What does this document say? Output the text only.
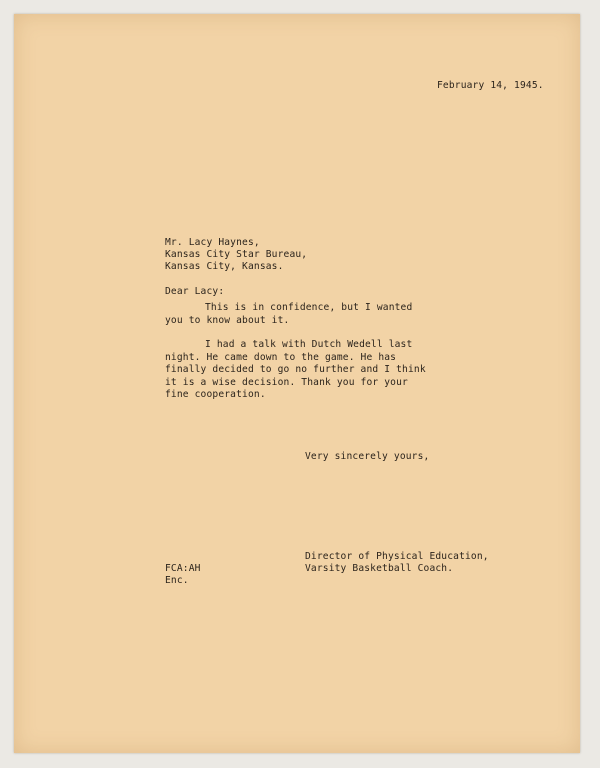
February 14, 1945.

Mr. Lacy Haynes,

Kansas City Star Bureau,

Kansas City, Kansas.

Dear Lacy:

This is in confidence, but I wanted you to know about it.

I had a talk with Dutch Wedell last night. He came down to the game. He has finally decided to go no further and I think it is a wise decision. Thank you for your fine cooperation.

Very sincerely yours,

Director of Physical Education,

Varsity Basketball Coach.

FCA:AH

Enc.
